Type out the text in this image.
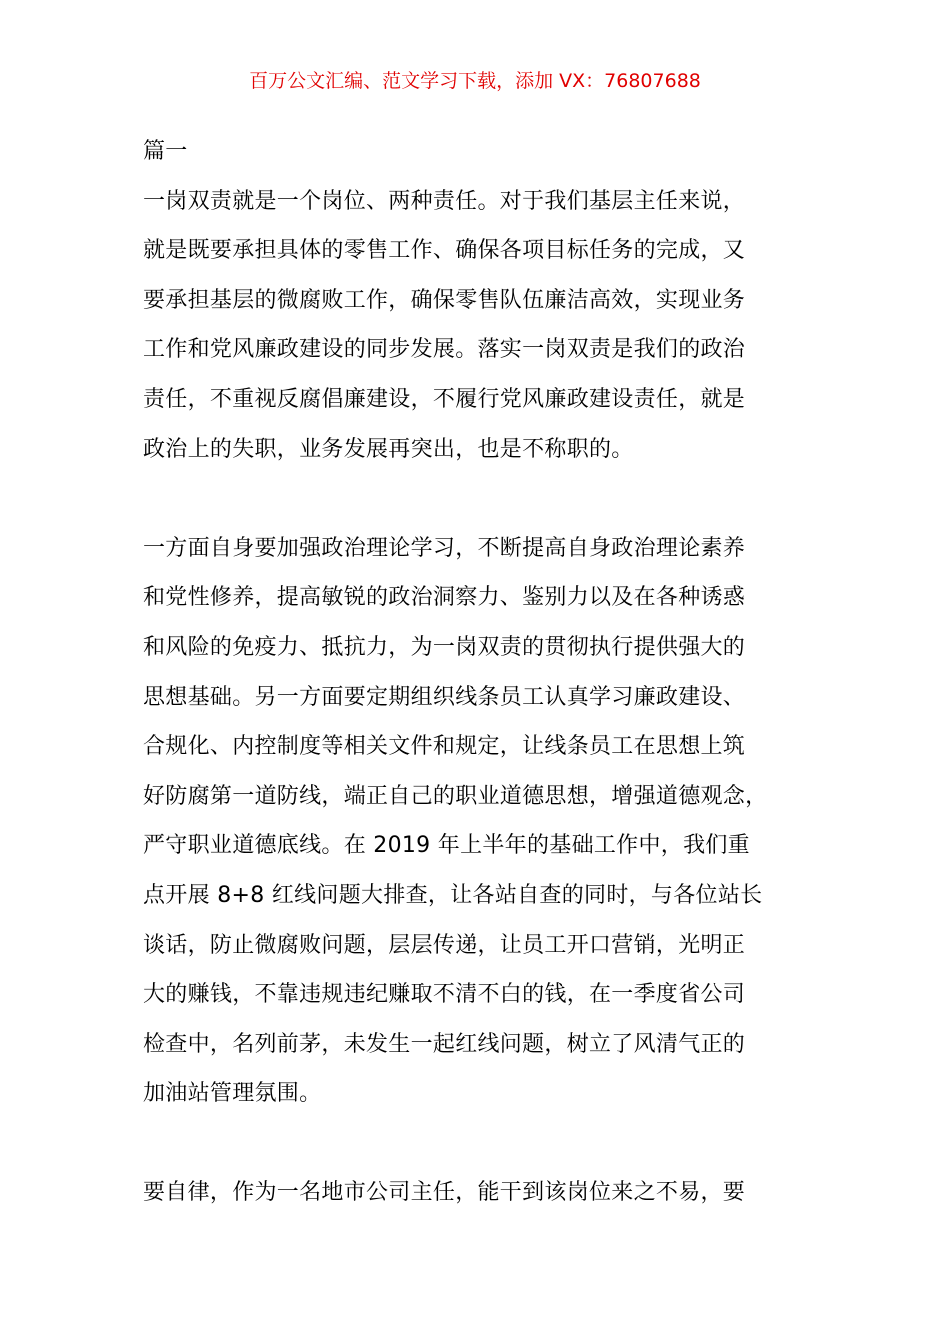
百万公文汇编、范文学习下载，添加 VX：76807688
篇一
一岗双责就是一个岗位、两种责任。对于我们基层主任来说，
就是既要承担具体的零售工作、确保各项目标任务的完成，又
要承担基层的微腐败工作，确保零售队伍廉洁高效，实现业务
工作和党风廉政建设的同步发展。落实一岗双责是我们的政治
责任，不重视反腐倡廉建设，不履行党风廉政建设责任，就是
政治上的失职，业务发展再突出，也是不称职的。
一方面自身要加强政治理论学习，不断提高自身政治理论素养
和党性修养，提高敏锐的政治洞察力、鉴别力以及在各种诱惑
和风险的免疫力、抵抗力，为一岗双责的贯彻执行提供强大的
思想基础。另一方面要定期组织线条员工认真学习廉政建设、
合规化、内控制度等相关文件和规定，让线条员工在思想上筑
好防腐第一道防线，端正自己的职业道德思想，增强道德观念，
严守职业道德底线。在 2019 年上半年的基础工作中，我们重
点开展 8+8 红线问题大排查，让各站自查的同时，与各位站长
谈话，防止微腐败问题，层层传递，让员工开口营销，光明正
大的赚钱，不靠违规违纪赚取不清不白的钱，在一季度省公司
检查中，名列前茅，未发生一起红线问题，树立了风清气正的
加油站管理氛围。
要自律，作为一名地市公司主任，能干到该岗位来之不易，要
